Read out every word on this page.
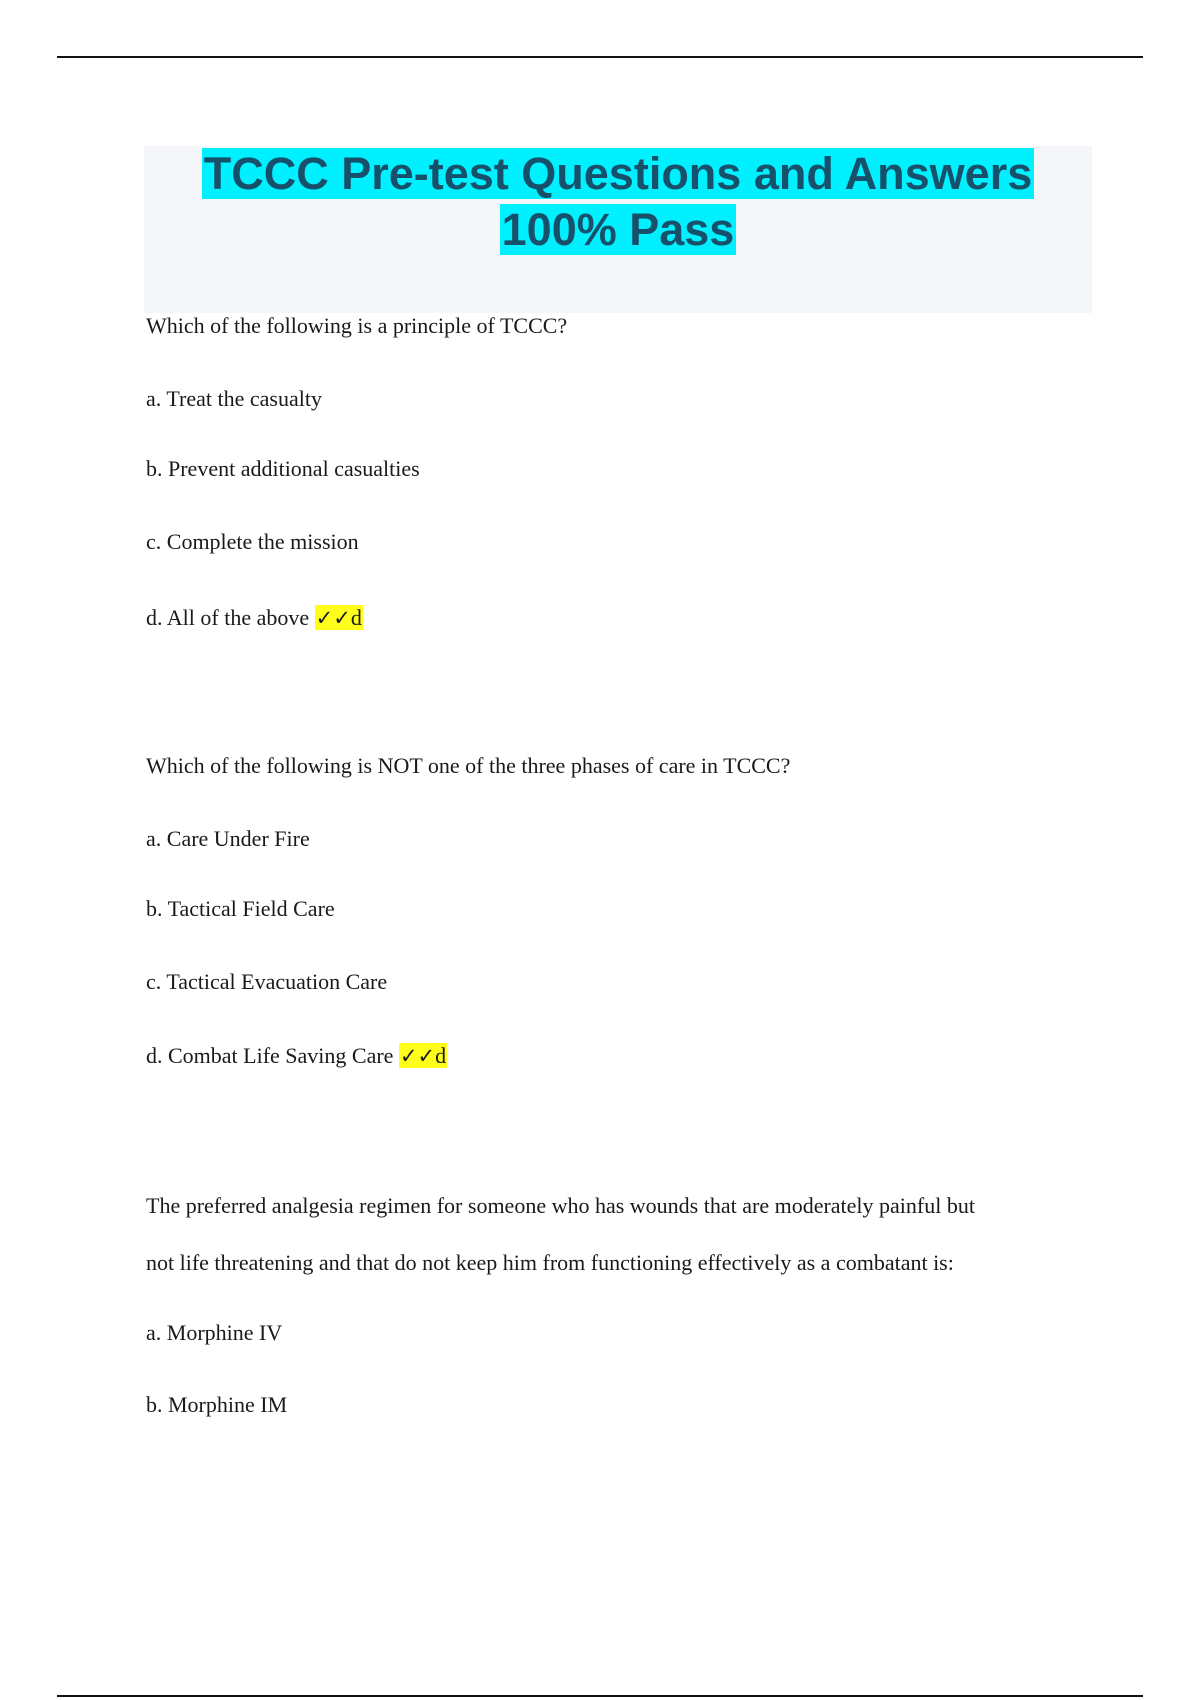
TCCC Pre-test Questions and Answers
100% Pass

Which of the following is a principle of TCCC?

a. Treat the casualty

b. Prevent additional casualties

c. Complete the mission

d. All of the above ✓✓d

Which of the following is NOT one of the three phases of care in TCCC?

a. Care Under Fire

b. Tactical Field Care

c. Tactical Evacuation Care

d. Combat Life Saving Care ✓✓d

The preferred analgesia regimen for someone who has wounds that are moderately painful but

not life threatening and that do not keep him from functioning effectively as a combatant is:

a. Morphine IV

b. Morphine IM
